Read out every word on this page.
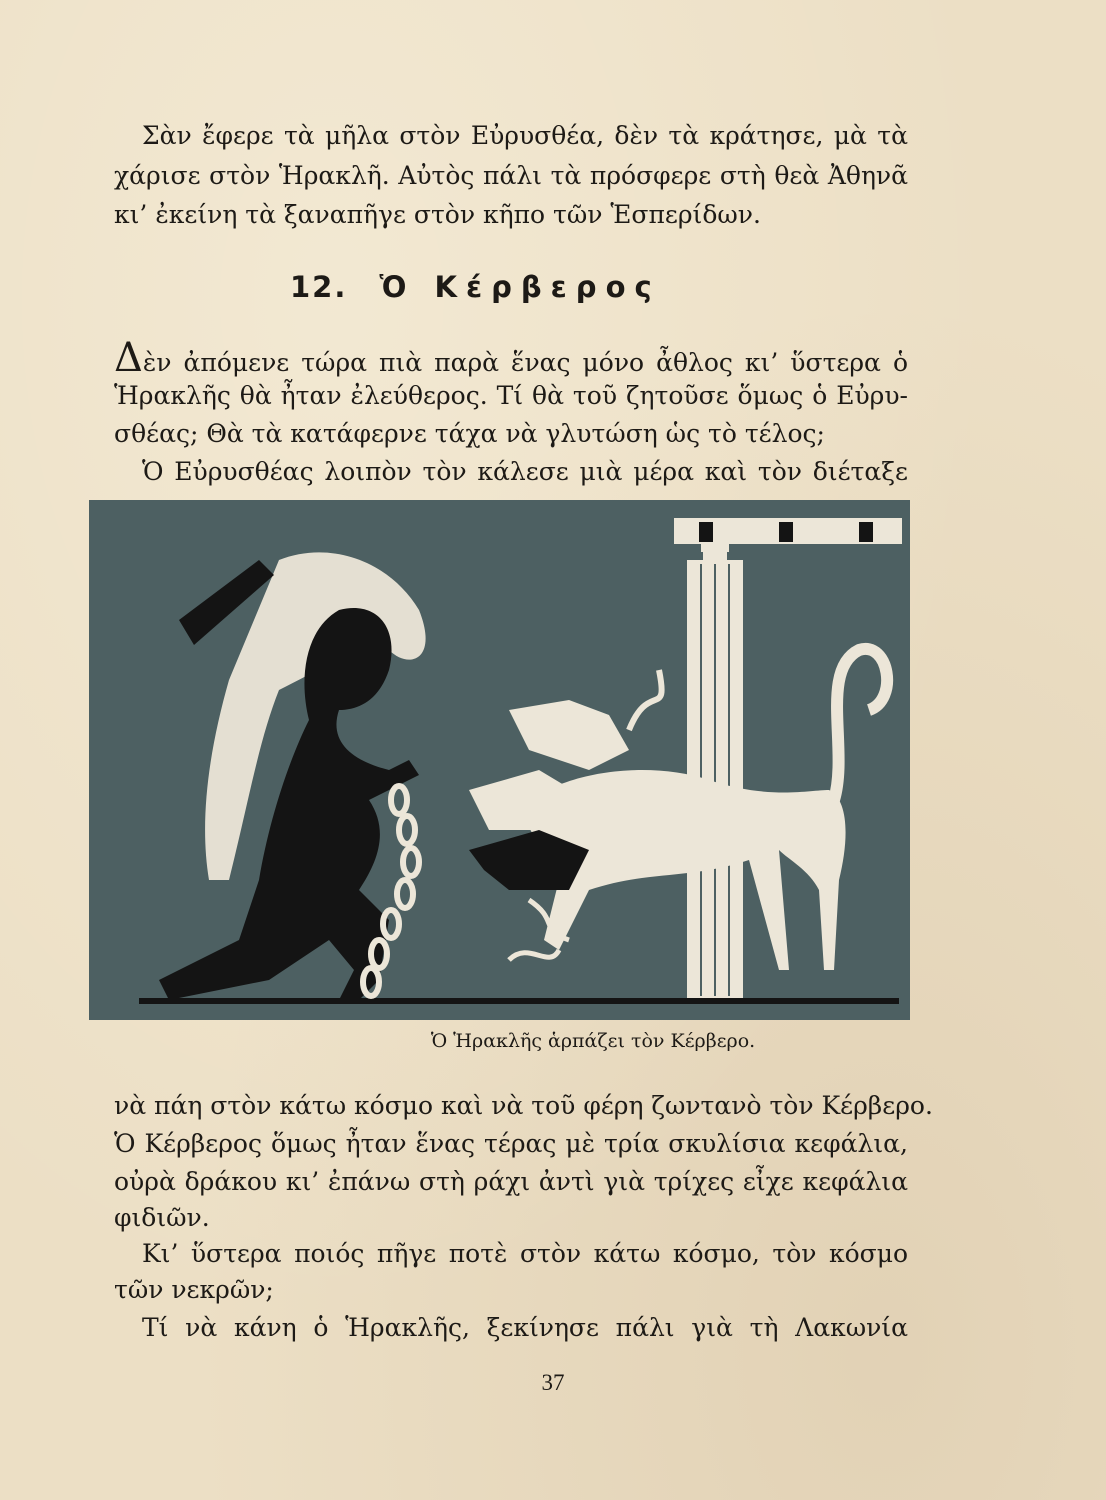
Σὰν ἔφερε τὰ μῆλα στὸν Εὐρυσθέα, δὲν τὰ κράτησε, μὰ τὰ
χάρισε στὸν Ἡρακλῆ. Αὐτὸς πάλι τὰ πρόσφερε στὴ θεὰ Ἀθηνᾶ
κι’ ἐκείνη τὰ ξαναπῆγε στὸν κῆπο τῶν Ἑσπερίδων.
12. Ὁ Κέρβερος
Δὲν ἀπόμενε τώρα πιὰ παρὰ ἕνας μόνο ἆθλος κι’ ὕστερα ὁ
Ἡρακλῆς θὰ ἦταν ἐλεύθερος. Τί θὰ τοῦ ζητοῦσε ὅμως ὁ Εὐρυ-
σθέας; Θὰ τὰ κατάφερνε τάχα νὰ γλυτώση ὡς τὸ τέλος;
Ὁ Εὐρυσθέας λοιπὸν τὸν κάλεσε μιὰ μέρα καὶ τὸν διέταξε
Ὁ Ἡρακλῆς ἁρπάζει τὸν Κέρβερο.
νὰ πάη στὸν κάτω κόσμο καὶ νὰ τοῦ φέρη ζωντανὸ τὸν Κέρβερο.
Ὁ Κέρβερος ὅμως ἦταν ἕνας τέρας μὲ τρία σκυλίσια κεφάλια,
οὐρὰ δράκου κι’ ἐπάνω στὴ ράχι ἀντὶ γιὰ τρίχες εἶχε κεφάλια
φιδιῶν.
Κι’ ὕστερα ποιός πῆγε ποτὲ στὸν κάτω κόσμο, τὸν κόσμο
τῶν νεκρῶν;
Τί νὰ κάνη ὁ Ἡρακλῆς, ξεκίνησε πάλι γιὰ τὴ Λακωνία
37
